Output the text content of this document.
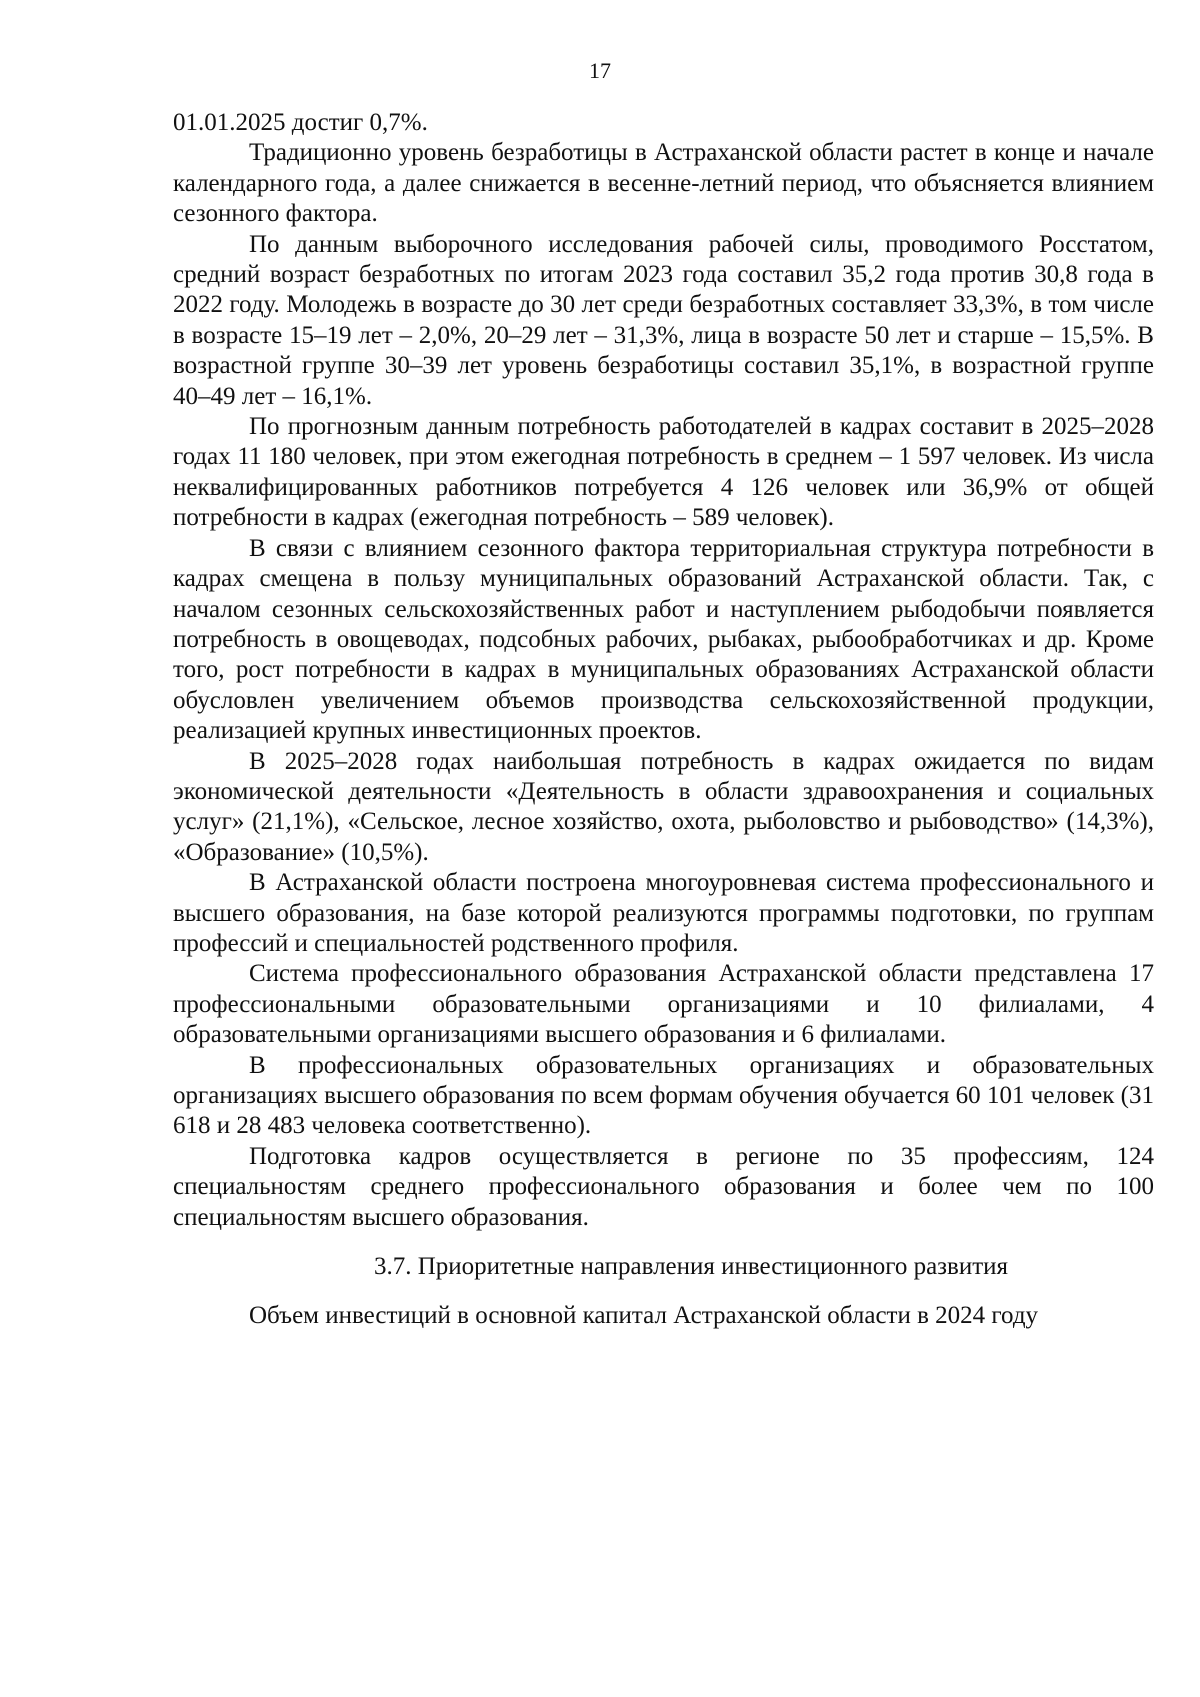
17

01.01.2025 достиг 0,7%.

Традиционно уровень безработицы в Астраханской области растет в конце и начале календарного года, а далее снижается в весенне-летний период, что объясняется влиянием сезонного фактора.

По данным выборочного исследования рабочей силы, проводимого Росстатом, средний возраст безработных по итогам 2023 года составил 35,2 года против 30,8 года в 2022 году. Молодежь в возрасте до 30 лет среди безработных составляет 33,3%, в том числе в возрасте 15–19 лет – 2,0%, 20–29 лет – 31,3%, лица в возрасте 50 лет и старше – 15,5%. В возрастной группе 30–39 лет уровень безработицы составил 35,1%, в возрастной группе 40–49 лет – 16,1%.

По прогнозным данным потребность работодателей в кадрах составит в 2025–2028 годах 11 180 человек, при этом ежегодная потребность в среднем – 1 597 человек. Из числа неквалифицированных работников потребуется 4 126 человек или 36,9% от общей потребности в кадрах (ежегодная потребность – 589 человек).

В связи с влиянием сезонного фактора территориальная структура потребности в кадрах смещена в пользу муниципальных образований Астраханской области. Так, с началом сезонных сельскохозяйственных работ и наступлением рыбодобычи появляется потребность в овощеводах, подсобных рабочих, рыбаках, рыбообработчиках и др. Кроме того, рост потребности в кадрах в муниципальных образованиях Астраханской области обусловлен увеличением объемов производства сельскохозяйственной продукции, реализацией крупных инвестиционных проектов.

В 2025–2028 годах наибольшая потребность в кадрах ожидается по видам экономической деятельности «Деятельность в области здравоохранения и социальных услуг» (21,1%), «Сельское, лесное хозяйство, охота, рыболовство и рыбоводство» (14,3%), «Образование» (10,5%).

В Астраханской области построена многоуровневая система профессионального и высшего образования, на базе которой реализуются программы подготовки, по группам профессий и специальностей родственного профиля.

Система профессионального образования Астраханской области представлена 17 профессиональными образовательными организациями и 10 филиалами, 4 образовательными организациями высшего образования и 6 филиалами.

В профессиональных образовательных организациях и образовательных организациях высшего образования по всем формам обучения обучается 60 101 человек (31 618 и 28 483 человека соответственно).

Подготовка кадров осуществляется в регионе по 35 профессиям, 124 специальностям среднего профессионального образования и более чем по 100 специальностям высшего образования.

3.7. Приоритетные направления инвестиционного развития

Объем инвестиций в основной капитал Астраханской области в 2024 году
